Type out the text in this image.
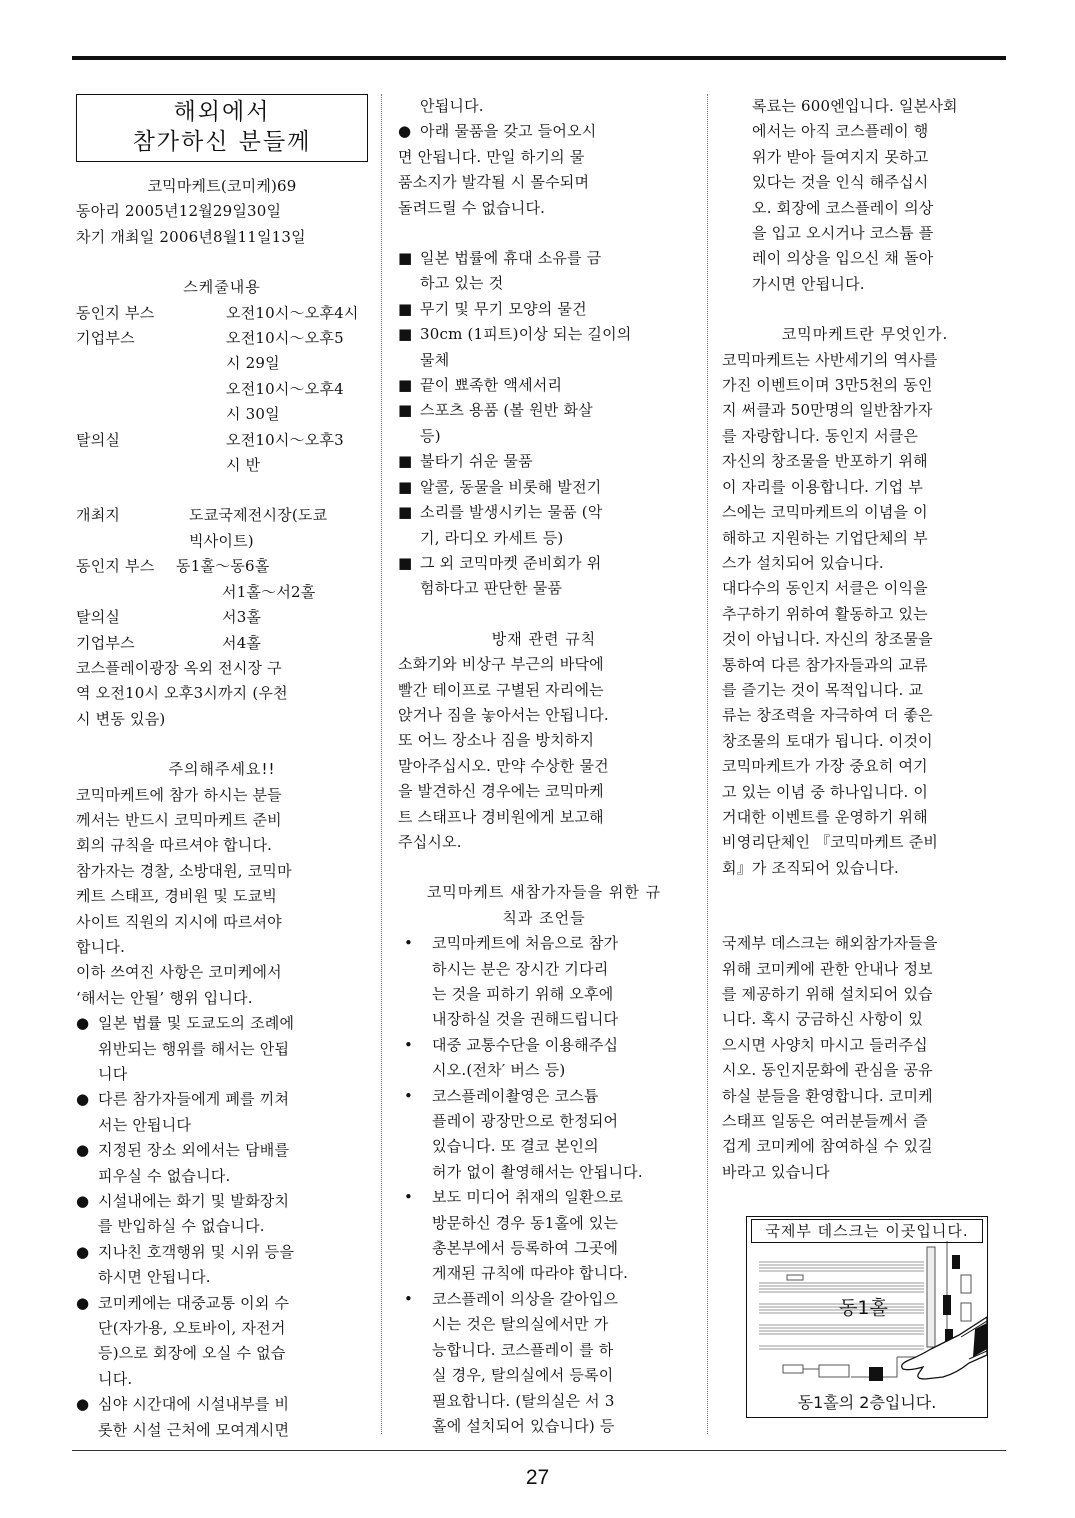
해외에서
참가하신 분들께
코믹마케트(코미케)69
동아리 2005년12월29일30일
차기 개최일 2006년8월11일13일
스케줄내용
동인지 부스	오전10시～오후4시
기업부스	오전10시～오후5
시 29일
오전10시～오후4
시 30일
탈의실	오전10시～오후3
시 반
개최지	도쿄국제전시장(도쿄
빅사이트)
동인지 부스	동1홀～동6홀
서1홀～서2홀
탈의실	서3홀
기업부스	서4홀
코스플레이광장 옥외 전시장 구
역 오전10시 오후3시까지 (우천
시 변동 있음)
주의해주세요!!
코믹마케트에 참가 하시는 분들
께서는 반드시 코믹마케트 준비
회의 규칙을 따르셔야 합니다.
참가자는 경찰, 소방대원, 코믹마
케트 스태프, 경비원 및 도쿄빅
사이트 직원의 지시에 따르셔야
합니다.
이하 쓰여진 사항은 코미케에서
‘해서는 안될’ 행위 입니다.
● 일본 법률 및 도쿄도의 조례에
위반되는 행위를 해서는 안됩
니다
● 다른 참가자들에게 폐를 끼쳐
서는 안됩니다
● 지정된 장소 외에서는 담배를
피우실 수 없습니다.
● 시설내에는 화기 및 발화장치
를 반입하실 수 없습니다.
● 지나친 호객행위 및 시위 등을
하시면 안됩니다.
● 코미케에는 대중교통 이외 수
단(자가용, 오토바이, 자전거
등)으로 회장에 오실 수 없습
니다.
● 심야 시간대에 시설내부를 비
롯한 시설 근처에 모여계시면
안됩니다.
● 아래 물품을 갖고 들어오시
면 안됩니다. 만일 하기의 물
품소지가 발각될 시 몰수되며
돌려드릴 수 없습니다.
■ 일본 법률에 휴대 소유를 금
하고 있는 것
■ 무기 및 무기 모양의 물건
■ 30cm (1피트)이상 되는 길이의
물체
■ 끝이 뾰족한 액세서리
■ 스포츠 용품 (볼 원반 화살
등)
■ 불타기 쉬운 물품
■ 알콜, 동물을 비롯해 발전기
■ 소리를 발생시키는 물품 (악
기, 라디오 카세트 등)
■ 그 외 코믹마켓 준비회가 위
험하다고 판단한 물품
방재 관련 규칙
소화기와 비상구 부근의 바닥에
빨간 테이프로 구별된 자리에는
앉거나 짐을 놓아서는 안됩니다.
또 어느 장소나 짐을 방치하지
말아주십시오. 만약 수상한 물건
을 발견하신 경우에는 코믹마케
트 스태프나 경비원에게 보고해
주십시오.
코믹마케트 새참가자들을 위한 규
칙과 조언들
•	코믹마케트에 처음으로 참가
하시는 분은 장시간 기다리
는 것을 피하기 위해 오후에
내장하실 것을 권해드립니다
•	대중 교통수단을 이용해주십
시오.(전차′ 버스 등)
•	코스플레이촬영은 코스튬
플레이 광장만으로 한정되어
있습니다. 또 결코 본인의
허가 없이 촬영해서는 안됩니다.
•	보도 미디어 취재의 일환으로
방문하신 경우 동1홀에 있는
총본부에서 등록하여 그곳에
게재된 규칙에 따라야 합니다.
•	코스플레이 의상을 갈아입으
시는 것은 탈의실에서만 가
능합니다. 코스플레이 를 하
실 경우, 탈의실에서 등록이
필요합니다. (탈의실은 서 3
홀에 설치되어 있습니다) 등
록료는 600엔입니다. 일본사회
에서는 아직 코스플레이 행
위가 받아 들여지지 못하고
있다는 것을 인식 해주십시
오. 회장에 코스플레이 의상
을 입고 오시거나 코스튬 플
레이 의상을 입으신 채 돌아
가시면 안됩니다.
코믹마케트란 무엇인가.
코믹마케트는 사반세기의 역사를
가진 이벤트이며 3만5천의 동인
지 써클과 50만명의 일반참가자
를 자랑합니다. 동인지 서클은
자신의 창조물을 반포하기 위해
이 자리를 이용합니다. 기업 부
스에는 코믹마케트의 이념을 이
해하고 지원하는 기업단체의 부
스가 설치되어 있습니다.
대다수의 동인지 서클은 이익을
추구하기 위하여 활동하고 있는
것이 아닙니다. 자신의 창조물을
통하여 다른 참가자들과의 교류
를 즐기는 것이 목적입니다. 교
류는 창조력을 자극하여 더 좋은
창조물의 토대가 됩니다. 이것이
코믹마케트가 가장 중요히 여기
고 있는 이념 중 하나입니다. 이
거대한 이벤트를 운영하기 위해
비영리단체인 『코믹마케트 준비
회』가 조직되어 있습니다.
국제부 데스크는 해외참가자들을
위해 코미케에 관한 안내나 정보
를 제공하기 위해 설치되어 있습
니다. 혹시 궁금하신 사항이 있
으시면 사양치 마시고 들러주십
시오. 동인지문화에 관심을 공유
하실 분들을 환영합니다. 코미케
스태프 일동은 여러분들께서 즐
겁게 코미케에 참여하실 수 있길
바라고 있습니다
국제부 데스크는 이곳입니다.
동1홀
동1홀의 2층입니다.
27
